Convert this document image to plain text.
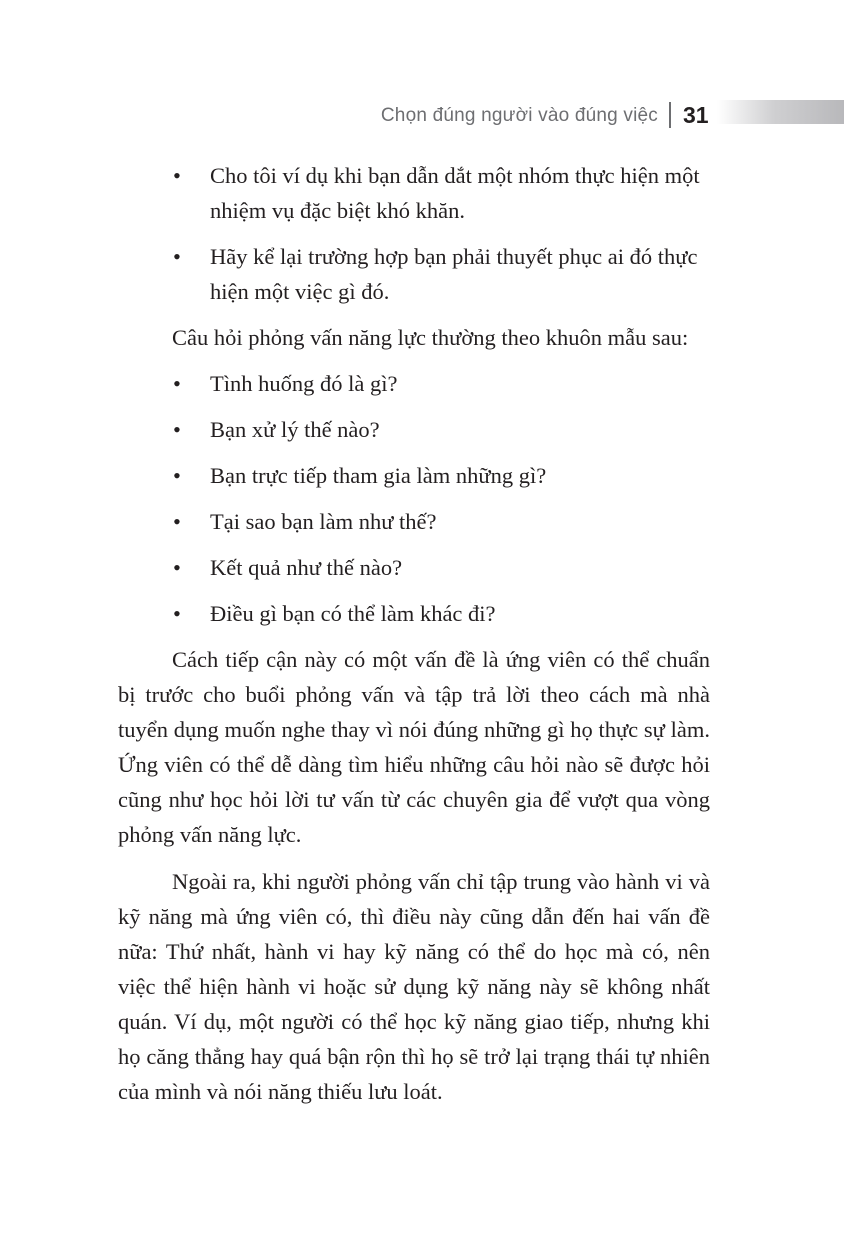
Chọn đúng người vào đúng việc 31
• Cho tôi ví dụ khi bạn dẫn dắt một nhóm thực hiện một nhiệm vụ đặc biệt khó khăn.
• Hãy kể lại trường hợp bạn phải thuyết phục ai đó thực hiện một việc gì đó.

Câu hỏi phỏng vấn năng lực thường theo khuôn mẫu sau:

• Tình huống đó là gì?
• Bạn xử lý thế nào?
• Bạn trực tiếp tham gia làm những gì?
• Tại sao bạn làm như thế?
• Kết quả như thế nào?
• Điều gì bạn có thể làm khác đi?

Cách tiếp cận này có một vấn đề là ứng viên có thể chuẩn bị trước cho buổi phỏng vấn và tập trả lời theo cách mà nhà tuyển dụng muốn nghe thay vì nói đúng những gì họ thực sự làm. Ứng viên có thể dễ dàng tìm hiểu những câu hỏi nào sẽ được hỏi cũng như học hỏi lời tư vấn từ các chuyên gia để vượt qua vòng phỏng vấn năng lực.

Ngoài ra, khi người phỏng vấn chỉ tập trung vào hành vi và kỹ năng mà ứng viên có, thì điều này cũng dẫn đến hai vấn đề nữa: Thứ nhất, hành vi hay kỹ năng có thể do học mà có, nên việc thể hiện hành vi hoặc sử dụng kỹ năng này sẽ không nhất quán. Ví dụ, một người có thể học kỹ năng giao tiếp, nhưng khi họ căng thẳng hay quá bận rộn thì họ sẽ trở lại trạng thái tự nhiên của mình và nói năng thiếu lưu loát.
